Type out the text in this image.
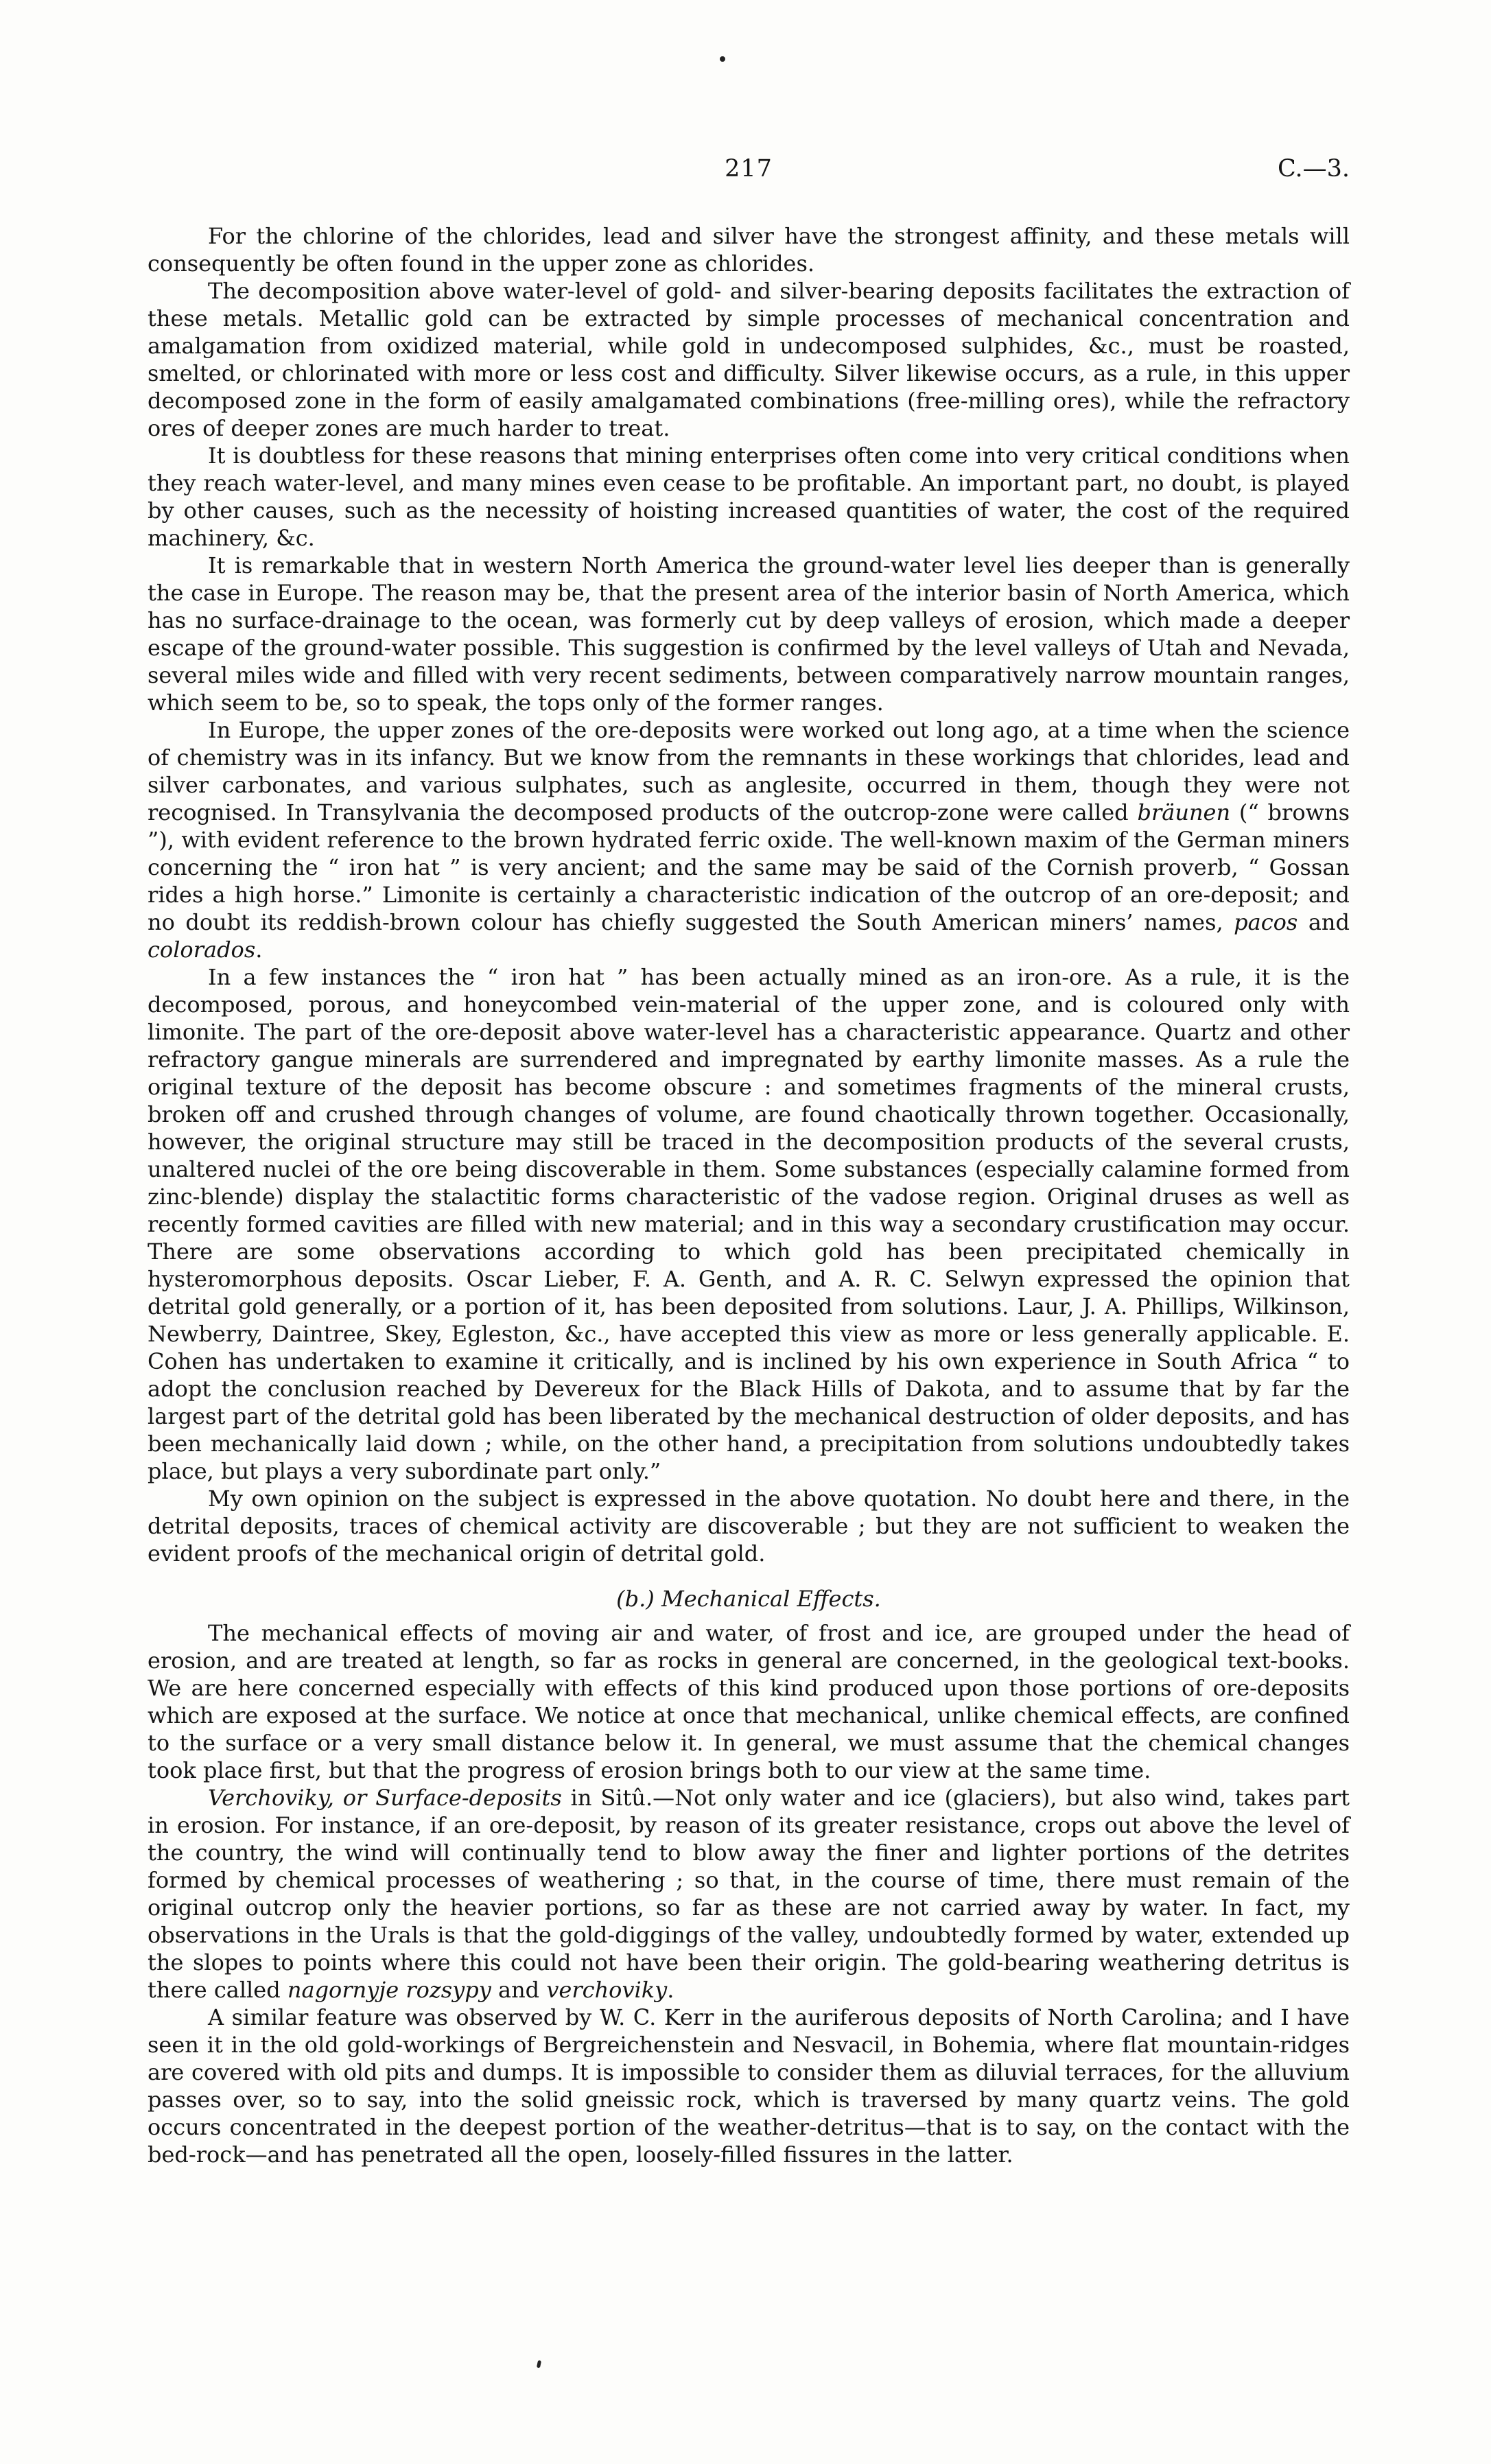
217	C.—3.

For the chlorine of the chlorides, lead and silver have the strongest affinity, and these metals will consequently be often found in the upper zone as chlorides.

The decomposition above water-level of gold- and silver-bearing deposits facilitates the extraction of these metals. Metallic gold can be extracted by simple processes of mechanical concentration and amalgamation from oxidized material, while gold in undecomposed sulphides, &c., must be roasted, smelted, or chlorinated with more or less cost and difficulty. Silver likewise occurs, as a rule, in this upper decomposed zone in the form of easily amalgamated combinations (free-milling ores), while the refractory ores of deeper zones are much harder to treat.

It is doubtless for these reasons that mining enterprises often come into very critical conditions when they reach water-level, and many mines even cease to be profitable. An important part, no doubt, is played by other causes, such as the necessity of hoisting increased quantities of water, the cost of the required machinery, &c.

It is remarkable that in western North America the ground-water level lies deeper than is generally the case in Europe. The reason may be, that the present area of the interior basin of North America, which has no surface-drainage to the ocean, was formerly cut by deep valleys of erosion, which made a deeper escape of the ground-water possible. This suggestion is confirmed by the level valleys of Utah and Nevada, several miles wide and filled with very recent sediments, between comparatively narrow mountain ranges, which seem to be, so to speak, the tops only of the former ranges.

In Europe, the upper zones of the ore-deposits were worked out long ago, at a time when the science of chemistry was in its infancy. But we know from the remnants in these workings that chlorides, lead and silver carbonates, and various sulphates, such as anglesite, occurred in them, though they were not recognised. In Transylvania the decomposed products of the outcrop-zone were called bräunen (“ browns ”), with evident reference to the brown hydrated ferric oxide. The well-known maxim of the German miners concerning the “ iron hat ” is very ancient; and the same may be said of the Cornish proverb, “ Gossan rides a high horse.” Limonite is certainly a characteristic indication of the outcrop of an ore-deposit; and no doubt its reddish-brown colour has chiefly suggested the South American miners’ names, pacos and colorados.

In a few instances the “ iron hat ” has been actually mined as an iron-ore. As a rule, it is the decomposed, porous, and honeycombed vein-material of the upper zone, and is coloured only with limonite. The part of the ore-deposit above water-level has a characteristic appearance. Quartz and other refractory gangue minerals are surrendered and impregnated by earthy limonite masses. As a rule the original texture of the deposit has become obscure : and sometimes fragments of the mineral crusts, broken off and crushed through changes of volume, are found chaotically thrown together. Occasionally, however, the original structure may still be traced in the decomposition products of the several crusts, unaltered nuclei of the ore being discoverable in them. Some substances (especially calamine formed from zinc-blende) display the stalactitic forms characteristic of the vadose region. Original druses as well as recently formed cavities are filled with new material; and in this way a secondary crustification may occur. There are some observations according to which gold has been precipitated chemically in hysteromorphous deposits. Oscar Lieber, F. A. Genth, and A. R. C. Selwyn expressed the opinion that detrital gold generally, or a portion of it, has been deposited from solutions. Laur, J. A. Phillips, Wilkinson, Newberry, Daintree, Skey, Egleston, &c., have accepted this view as more or less generally applicable. E. Cohen has undertaken to examine it critically, and is inclined by his own experience in South Africa “ to adopt the conclusion reached by Devereux for the Black Hills of Dakota, and to assume that by far the largest part of the detrital gold has been liberated by the mechanical destruction of older deposits, and has been mechanically laid down ; while, on the other hand, a precipitation from solutions undoubtedly takes place, but plays a very subordinate part only.”

My own opinion on the subject is expressed in the above quotation. No doubt here and there, in the detrital deposits, traces of chemical activity are discoverable ; but they are not sufficient to weaken the evident proofs of the mechanical origin of detrital gold.

(b.) Mechanical Effects.

The mechanical effects of moving air and water, of frost and ice, are grouped under the head of erosion, and are treated at length, so far as rocks in general are concerned, in the geological text-books. We are here concerned especially with effects of this kind produced upon those portions of ore-deposits which are exposed at the surface. We notice at once that mechanical, unlike chemical effects, are confined to the surface or a very small distance below it. In general, we must assume that the chemical changes took place first, but that the progress of erosion brings both to our view at the same time.

Verchoviky, or Surface-deposits in Sitû.—Not only water and ice (glaciers), but also wind, takes part in erosion. For instance, if an ore-deposit, by reason of its greater resistance, crops out above the level of the country, the wind will continually tend to blow away the finer and lighter portions of the detrites formed by chemical processes of weathering ; so that, in the course of time, there must remain of the original outcrop only the heavier portions, so far as these are not carried away by water. In fact, my observations in the Urals is that the gold-diggings of the valley, undoubtedly formed by water, extended up the slopes to points where this could not have been their origin. The gold-bearing weathering detritus is there called nagornyje rozsypy and verchoviky.

A similar feature was observed by W. C. Kerr in the auriferous deposits of North Carolina; and I have seen it in the old gold-workings of Bergreichenstein and Nesvacil, in Bohemia, where flat mountain-ridges are covered with old pits and dumps. It is impossible to consider them as diluvial terraces, for the alluvium passes over, so to say, into the solid gneissic rock, which is traversed by many quartz veins. The gold occurs concentrated in the deepest portion of the weather-detritus—that is to say, on the contact with the bed-rock—and has penetrated all the open, loosely-filled fissures in the latter.
